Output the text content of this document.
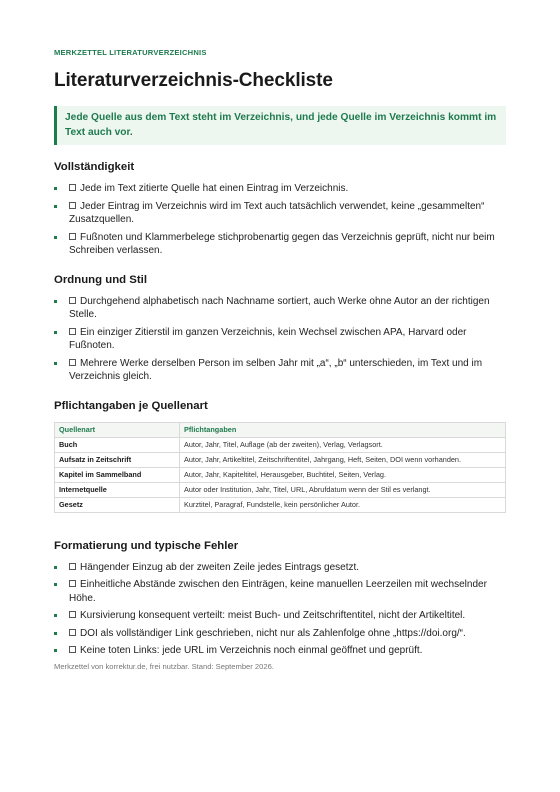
MERKZETTEL LITERATURVERZEICHNIS

Literaturverzeichnis-Checkliste
Jede Quelle aus dem Text steht im Verzeichnis, und jede Quelle im Verzeichnis kommt im Text auch vor.
Vollständigkeit
Jede im Text zitierte Quelle hat einen Eintrag im Verzeichnis.
Jeder Eintrag im Verzeichnis wird im Text auch tatsächlich verwendet, keine „gesammelten“ Zusatzquellen.
Fußnoten und Klammerbelege stichprobenartig gegen das Verzeichnis geprüft, nicht nur beim Schreiben verlassen.
Ordnung und Stil
Durchgehend alphabetisch nach Nachname sortiert, auch Werke ohne Autor an der richtigen Stelle.
Ein einziger Zitierstil im ganzen Verzeichnis, kein Wechsel zwischen APA, Harvard oder Fußnoten.
Mehrere Werke derselben Person im selben Jahr mit „a“, „b“ unterschieden, im Text und im Verzeichnis gleich.
Pflichtangaben je Quellenart
Quellenart	Pflichtangaben
Buch	Autor, Jahr, Titel, Auflage (ab der zweiten), Verlag, Verlagsort.
Aufsatz in Zeitschrift	Autor, Jahr, Artikeltitel, Zeitschriftentitel, Jahrgang, Heft, Seiten, DOI wenn vorhanden.
Kapitel im Sammelband	Autor, Jahr, Kapiteltitel, Herausgeber, Buchtitel, Seiten, Verlag.
Internetquelle	Autor oder Institution, Jahr, Titel, URL, Abrufdatum wenn der Stil es verlangt.
Gesetz	Kurztitel, Paragraf, Fundstelle, kein persönlicher Autor.
Formatierung und typische Fehler
Hängender Einzug ab der zweiten Zeile jedes Eintrags gesetzt.
Einheitliche Abstände zwischen den Einträgen, keine manuellen Leerzeilen mit wechselnder Höhe.
Kursivierung konsequent verteilt: meist Buch- und Zeitschriftentitel, nicht der Artikeltitel.
DOI als vollständiger Link geschrieben, nicht nur als Zahlenfolge ohne „https://doi.org/“.
Keine toten Links: jede URL im Verzeichnis noch einmal geöffnet und geprüft.
Merkzettel von korrektur.de, frei nutzbar. Stand: September 2026.
